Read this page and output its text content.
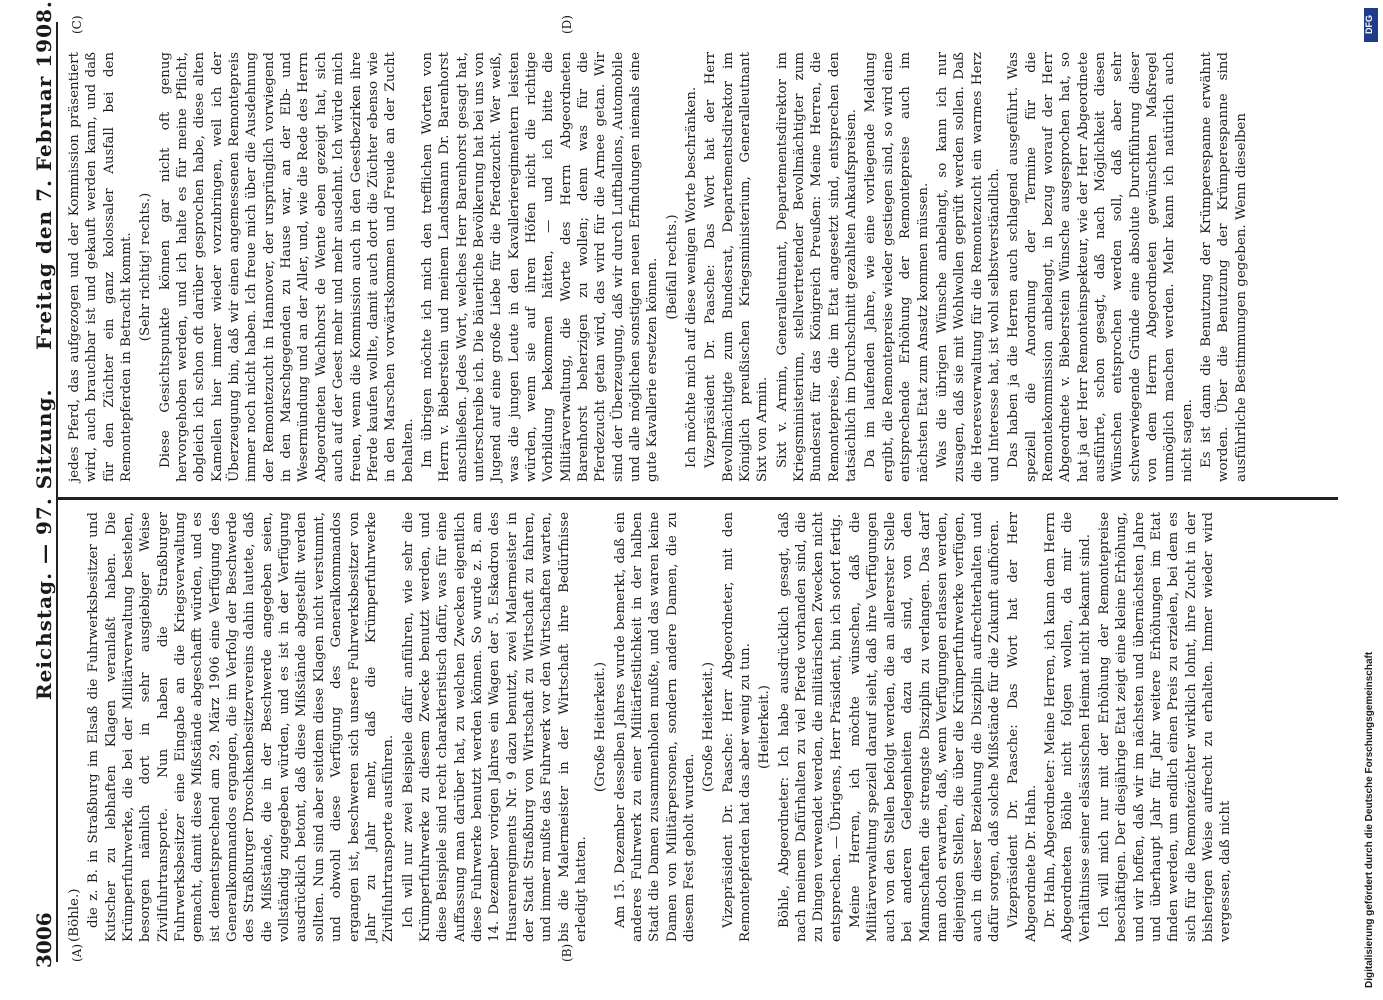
3006
Reichstag. — 97. Sitzung.
Freitag den 7. Februar 1908.
(A)	(B)
(C)	(D)

(Böhle.) die z. B. in Straßburg im Elsaß die Fuhrwerksbesitzer und Kutscher zu lebhaften Klagen veranlaßt haben. Die Krümperfuhrwerke, die bei der Militärverwaltung bestehen, besorgen nämlich dort in sehr ausgiebiger Weise Zivilfuhrtransporte. Nun haben die Straßburger Fuhrwerksbesitzer eine Eingabe an die Kriegsverwaltung gemacht, damit diese Mißstände abgeschafft würden, und es ist dementsprechend am 29. März 1906 eine Verfügung des Generalkommandos ergangen, die im Verfolg der Beschwerde des Straßburger Droschkenbesitzervereins dahin lautete, daß die Mißstände, die in der Beschwerde angegeben seien, vollständig zugegeben würden, und es ist in der Verfügung ausdrücklich betont, daß diese Mißstände abgestellt werden sollten. Nun sind aber seitdem diese Klagen nicht verstummt, und obwohl diese Verfügung des Generalkommandos ergangen ist, beschweren sich unsere Fuhrwerksbesitzer von Jahr zu Jahr mehr, daß die Krümperfuhrwerke Zivilfuhrtransporte ausführen. Ich will nur zwei Beispiele dafür anführen, wie sehr die Krümperfuhrwerke zu diesem Zwecke benutzt werden, und diese Beispiele sind recht charakteristisch dafür, was für eine Auffassung man darüber hat, zu welchen Zwecken eigentlich diese Fuhrwerke benutzt werden können. So wurde z. B. am 14. Dezember vorigen Jahres ein Wagen der 5. Eskadron des Husarenregiments Nr. 9 dazu benutzt, zwei Malermeister in der Stadt Straßburg von Wirtschaft zu Wirtschaft zu fahren, und immer mußte das Fuhrwerk vor den Wirtschaften warten, bis die Malermeister in der Wirtschaft ihre Bedürfnisse erledigt hatten.

(Große Heiterkeit.) Am 15. Dezember desselben Jahres wurde bemerkt, daß ein anderes Fuhrwerk zu einer Militärfestlichkeit in der halben Stadt die Damen zusammenholen mußte, und das waren keine Damen von Militärpersonen, sondern andere Damen, die zu diesem Fest geholt wurden.

(Große Heiterkeit.) Vizepräsident Dr. Paasche: Herr Abgeordneter, mit den Remontepferden hat das aber wenig zu tun. (Heiterkeit.) Böhle, Abgeordneter: Ich habe ausdrücklich gesagt, daß nach meinem Dafürhalten zu viel Pferde vorhanden sind, die zu Dingen verwendet werden, die militärischen Zwecken nicht entsprechen. — Übrigens, Herr Präsident, bin ich sofort fertig. Meine Herren, ich möchte wünschen, daß die Militärverwaltung speziell darauf sieht, daß ihre Verfügungen auch von den Stellen befolgt werden, die an allererster Stelle bei anderen Gelegenheiten dazu da sind, von den Mannschaften die strengste Disziplin zu verlangen. Das darf man doch erwarten, daß, wenn Verfügungen erlassen werden, diejenigen Stellen, die über die Krümperfuhrwerke verfügen, auch in dieser Beziehung die Disziplin aufrechterhalten und dafür sorgen, daß solche Mißstände für die Zukunft aufhören. Vizepräsident Dr. Paasche: Das Wort hat der Herr Abgeordnete Dr. Hahn. Dr. Hahn, Abgeordneter: Meine Herren, ich kann dem Herrn Abgeordneten Böhle nicht folgen wollen, da mir die Verhältnisse seiner elsässischen Heimat nicht bekannt sind. Ich will mich nur mit der Erhöhung der Remontepreise beschäftigen. Der diesjährige Etat zeigt eine kleine Erhöhung, und wir hoffen, daß wir im nächsten und übernächsten Jahre und überhaupt Jahr für Jahr weitere Erhöhungen im Etat finden werden, um endlich einen Preis zu erzielen, bei dem es sich für die Remontezüchter wirklich lohnt, ihre Zucht in der bisherigen Weise aufrecht zu erhalten. Immer wieder wird vergessen, daß nicht

jedes Pferd, das aufgezogen und der Kommission präsentiert wird, auch brauchbar ist und gekauft werden kann, und daß für den Züchter ein ganz kolossaler Ausfall bei den Remontepferden in Betracht kommt. (Sehr richtig! rechts.) Diese Gesichtspunkte können gar nicht oft genug hervorgehoben werden, und ich halte es für meine Pflicht, obgleich ich schon oft darüber gesprochen habe, diese alten Kamellen hier immer wieder vorzubringen, weil ich der Überzeugung bin, daß wir einen angemessenen Remontepreis immer noch nicht haben. Ich freue mich über die Ausdehnung der Remontezucht in Hannover, der ursprünglich vorwiegend in den Marschgegenden zu Hause war, an der Elb- und Wesermündung und an der Aller, und, wie die Rede des Herrn Abgeordneten Wachhorst de Wente eben gezeigt hat, sich auch auf der Geest mehr und mehr ausdehnt. Ich würde mich freuen, wenn die Kommission auch in den Geestbezirken ihre Pferde kaufen wollte, damit auch dort die Züchter ebenso wie in den Marschen vorwärtskommen und Freude an der Zucht behalten. Im übrigen möchte ich mich den trefflichen Worten von Herrn v. Bieberstein und meinem Landsmann Dr. Barenhorst anschließen. Jedes Wort, welches Herr Barenhorst gesagt hat, unterschreibe ich. Die bäuerliche Bevölkerung hat bei uns von Jugend auf eine große Liebe für die Pferdezucht. Wer weiß, was die jungen Leute in den Kavallerieregimentern leisten würden, wenn sie auf ihren Höfen nicht die richtige Vorbildung bekommen hätten, — und ich bitte die Militärverwaltung, die Worte des Herrn Abgeordneten Barenhorst beherzigen zu wollen; denn was für die Pferdezucht getan wird, das wird für die Armee getan. Wir sind der Überzeugung, daß wir durch Luftballons, Automobile und alle möglichen sonstigen neuen Erfindungen niemals eine gute Kavallerie ersetzen können. (Beifall rechts.) Ich möchte mich auf diese wenigen Worte beschränken. Vizepräsident Dr. Paasche: Das Wort hat der Herr Bevollmächtigte zum Bundesrat, Departementsdirektor im Königlich preußischen Kriegsministerium, Generalleutnant Sixt von Armin. Sixt v. Armin, Generalleutnant, Departementsdirektor im Kriegsministerium, stellvertretender Bevollmächtigter zum Bundesrat für das Königreich Preußen: Meine Herren, die Remontepreise, die im Etat angesetzt sind, entsprechen den tatsächlich im Durchschnitt gezahlten Ankaufspreisen. Da im laufenden Jahre, wie eine vorliegende Meldung ergibt, die Remontepreise wieder gestiegen sind, so wird eine entsprechende Erhöhung der Remontepreise auch im nächsten Etat zum Ansatz kommen müssen. Was die übrigen Wünsche anbelangt, so kann ich nur zusagen, daß sie mit Wohlwollen geprüft werden sollen. Daß die Heeresverwaltung für die Remontezucht ein warmes Herz und Interesse hat, ist wohl selbstverständlich. Das haben ja die Herren auch schlagend ausgeführt. Was speziell die Anordnung der Termine für die Remontekommission anbelangt, in bezug worauf der Herr Abgeordnete v. Bieberstein Wünsche ausgesprochen hat, so hat ja der Herr Remonteinspekteur, wie der Herr Abgeordnete ausführte, schon gesagt, daß nach Möglichkeit diesen Wünschen entsprochen werden soll, daß aber sehr schwerwiegende Gründe eine absolute Durchführung dieser von dem Herrn Abgeordneten gewünschten Maßregel unmöglich machen werden. Mehr kann ich natürlich auch nicht sagen. Es ist dann die Benutzung der Krümperespanne erwähnt worden. Über die Benutzung der Krümperespanne sind ausführliche Bestimmungen gegeben. Wenn dieselben

DFG
Digitalisierung gefördert durch die Deutsche Forschungsgemeinschaft
